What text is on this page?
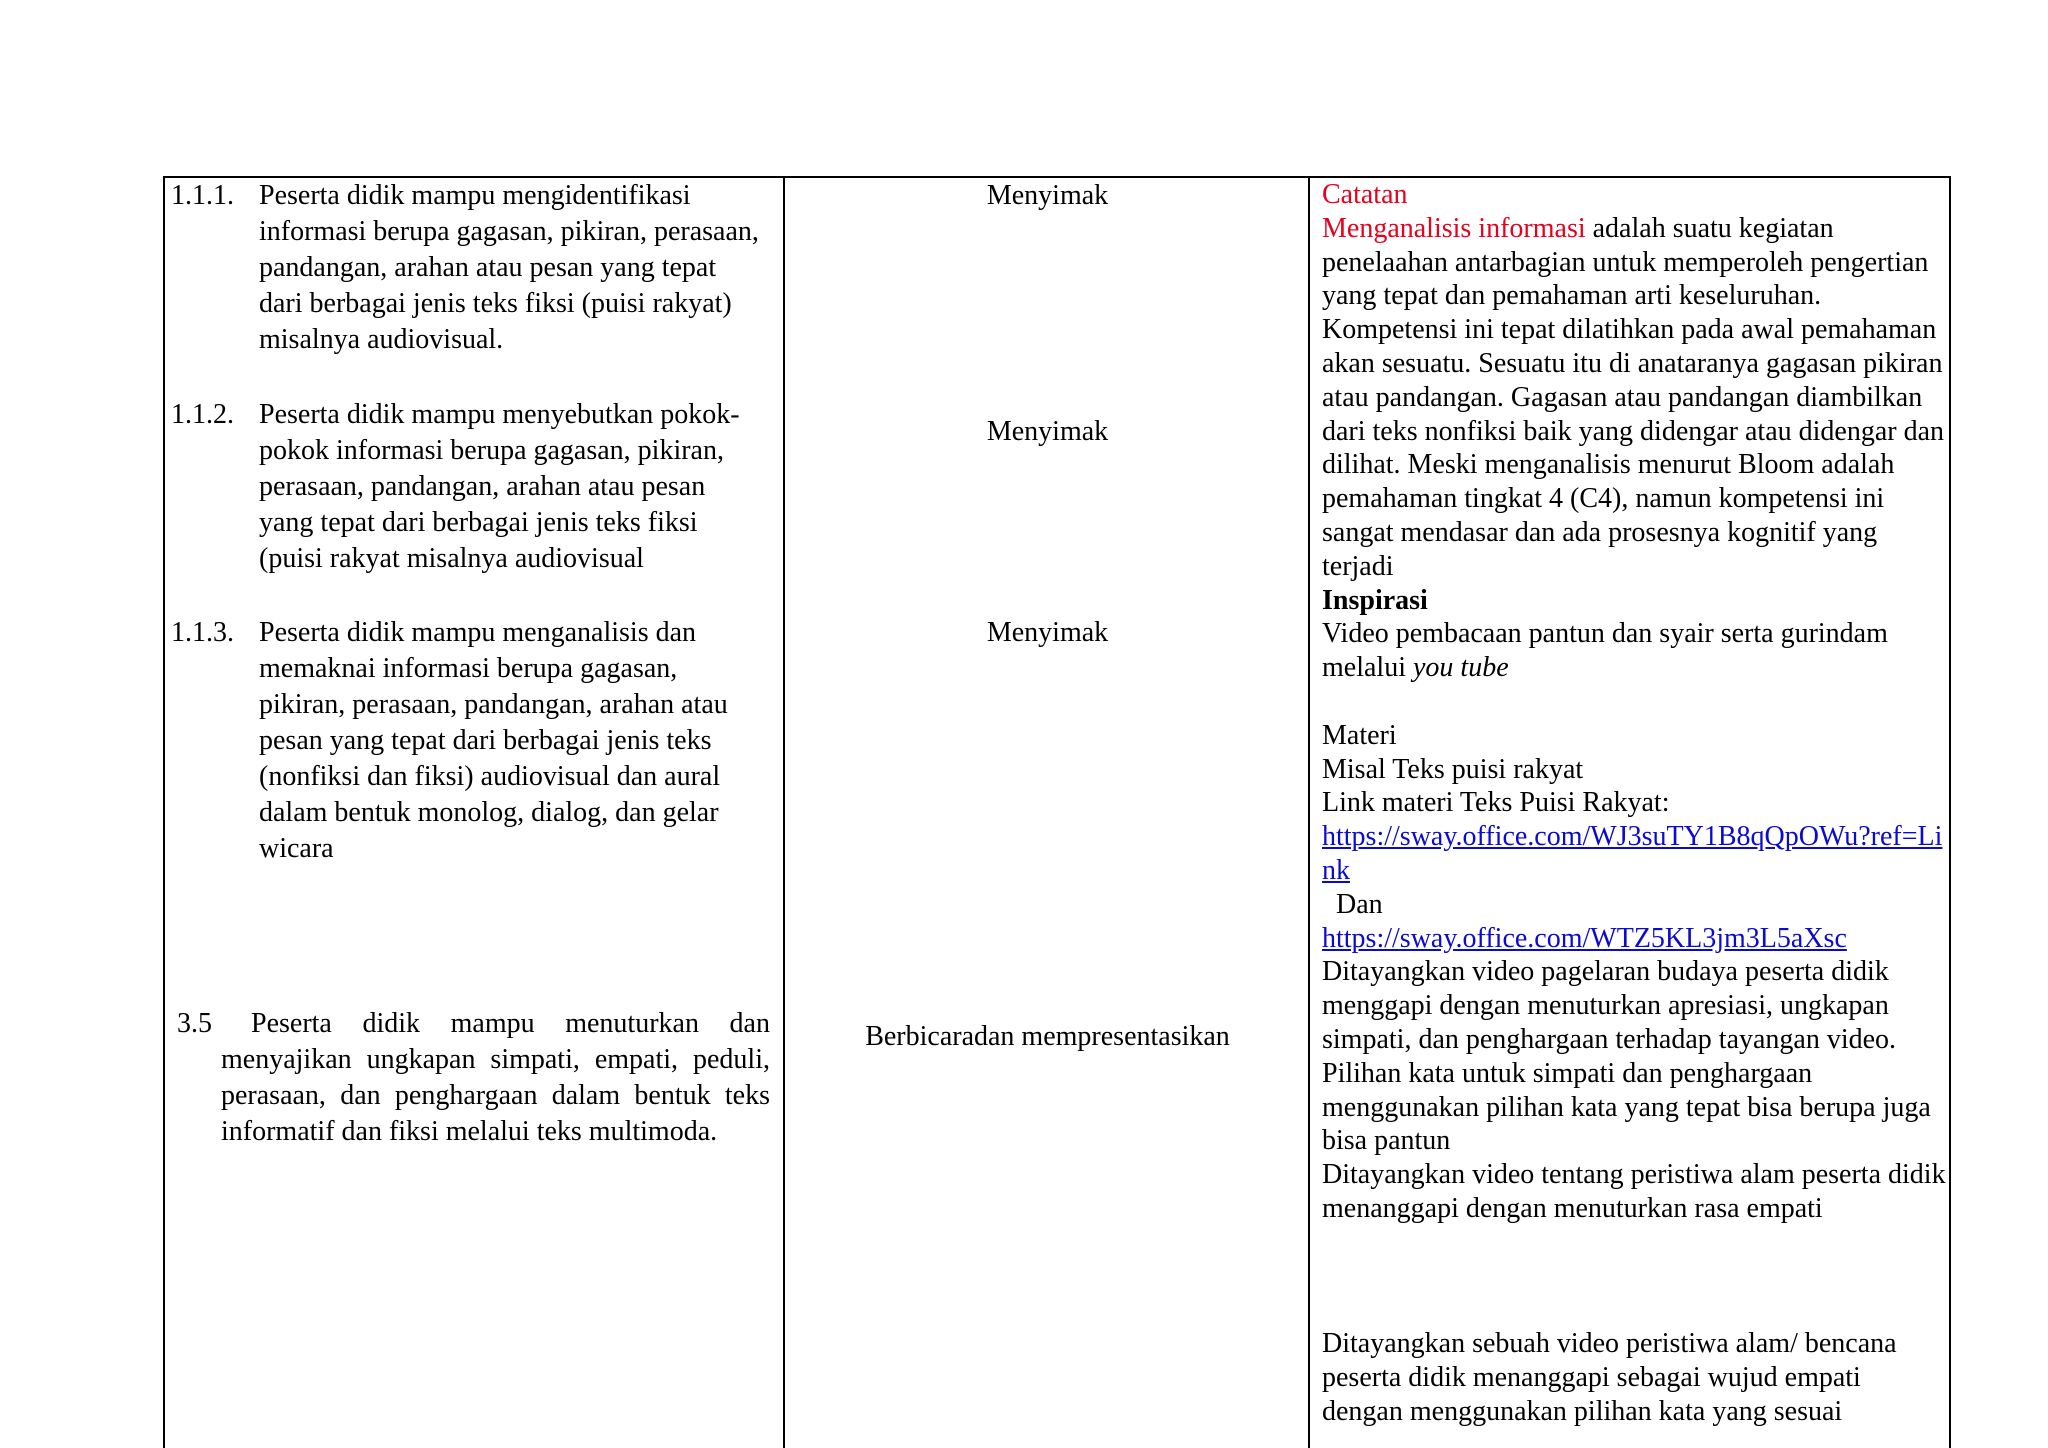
1.1.1. Peserta didik mampu mengidentifikasi informasi berupa gagasan, pikiran, perasaan, pandangan, arahan atau pesan yang tepat dari berbagai jenis teks fiksi (puisi rakyat) misalnya audiovisual.
1.1.2. Peserta didik mampu menyebutkan pokok-pokok informasi berupa gagasan, pikiran, perasaan, pandangan, arahan atau pesan yang tepat dari berbagai jenis teks fiksi (puisi rakyat misalnya audiovisual
1.1.3. Peserta didik mampu menganalisis dan memaknai informasi berupa gagasan, pikiran, perasaan, pandangan, arahan atau pesan yang tepat dari berbagai jenis teks (nonfiksi dan fiksi) audiovisual dan aural dalam bentuk monolog, dialog, dan gelar wicara
3.5	Peserta didik mampu menuturkan dan menyajikan ungkapan simpati, empati, peduli, perasaan, dan penghargaan dalam bentuk teks informatif dan fiksi melalui teks multimoda.
Menyimak
Menyimak
Menyimak
Berbicaradan mempresentasikan
Catatan
Menganalisis informasi adalah suatu kegiatan penelaahan antarbagian untuk memperoleh pengertian yang tepat dan pemahaman arti keseluruhan. Kompetensi ini tepat dilatihkan pada awal pemahaman akan sesuatu. Sesuatu itu di anataranya gagasan pikiran atau pandangan. Gagasan atau pandangan diambilkan dari teks nonfiksi baik yang didengar atau didengar dan dilihat. Meski menganalisis menurut Bloom adalah pemahaman tingkat 4 (C4), namun kompetensi ini sangat mendasar dan ada prosesnya kognitif yang terjadi
Inspirasi
Video pembacaan pantun dan syair serta gurindam melalui you tube
Materi
Misal Teks puisi rakyat
Link materi Teks Puisi Rakyat:
https://sway.office.com/WJ3suTY1B8qQpOWu?ref=Link
Dan
https://sway.office.com/WTZ5KL3jm3L5aXsc
Ditayangkan video pagelaran budaya peserta didik menggapi dengan menuturkan apresiasi, ungkapan simpati, dan penghargaan terhadap tayangan video. Pilihan kata untuk simpati dan penghargaan menggunakan pilihan kata yang tepat bisa berupa juga bisa pantun
Ditayangkan video tentang peristiwa alam peserta didik menanggapi dengan menuturkan rasa empati
Ditayangkan sebuah video peristiwa alam/ bencana peserta didik menanggapi sebagai wujud empati dengan menggunakan pilihan kata yang sesuai
